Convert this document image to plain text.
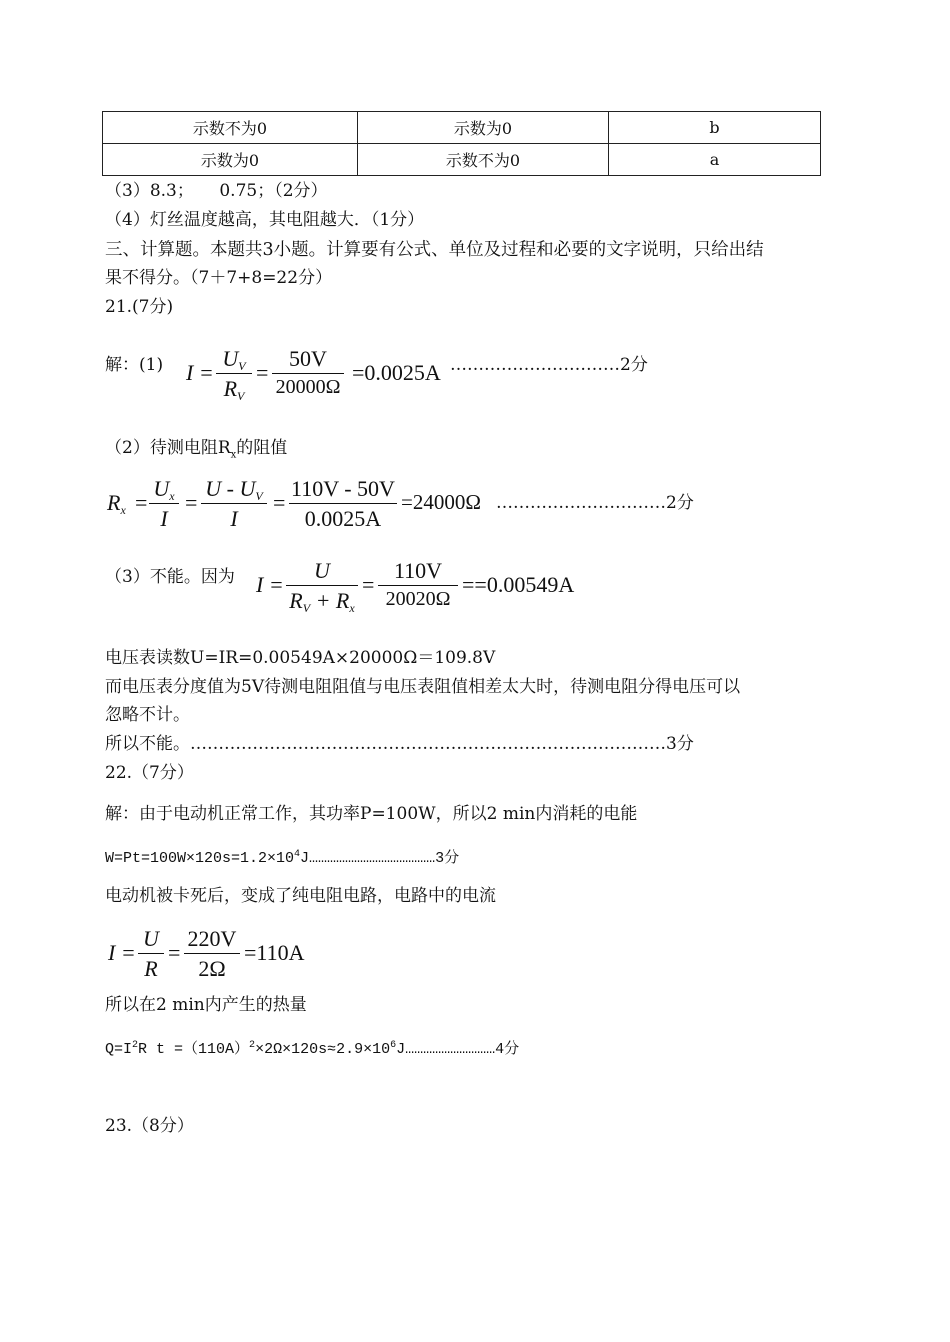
示数不为0	示数为0	b
示数为0	示数不为0	a
（3）8.3；　　0.75；（2分）
（4）灯丝温度越高，其电阻越大．（1分）
三、计算题。本题共3小题。计算要有公式、单位及过程和必要的文字说明，只给出结
果不得分。（7＋7+8=22分）
21.(7分)
解：(1) I =
$U_V$
$R_V$
=
50V
20000Ω
=0.0025A …………………………2分
（2）待测电阻$R_x$的阻值
$R_x$ =
$U_x$
I
=
U - $U_V$
I
=
110V - 50V
0.0025A
=24000Ω …………………………2分
（3）不能。因为 I =
U
$R_V + R_x$
=
110V
20020Ω
==0.00549A
电压表读数U=IR=0.00549A×20000Ω＝109.8V
而电压表分度值为5V待测电阻阻值与电压表阻值相差太大时，待测电阻分得电压可以
忽略不计。
所以不能。…………………………………………………………………………3分
22.（7分）
解：由于电动机正常工作，其功率P=100W，所以2 min内消耗的电能
$W=Pt=100W\times 120s=1.2\times 10^4J\dots\dots\dots\dots\dots\dots\dots\dots\dots\dots\dots\dots\dots\dots 3$分
电动机被卡死后，变成了纯电阻电路，电路中的电流
I =
U
R
=
220V
2Ω
=110A
所以在2 min内产生的热量
$Q=I^2R$ $t =(110A)^2\times 2\Omega\times 120s\approx 2.9\times 10^6J\dots\dots\dots\dots\dots\dots\dots\dots\dots\dots 4$分
23.（8分）
